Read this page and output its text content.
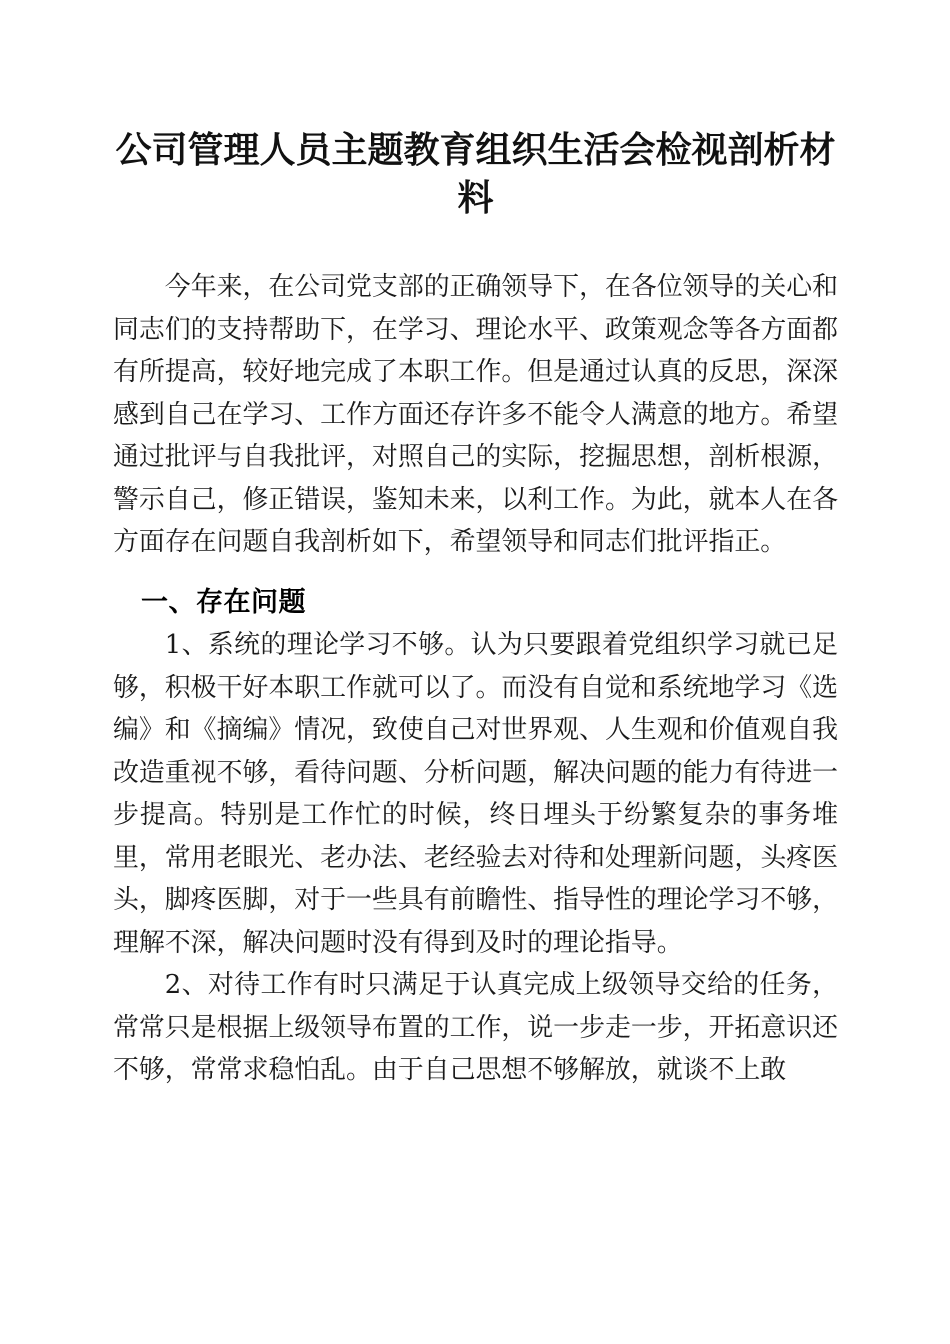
公司管理人员主题教育组织生活会检视剖析材料

今年来，在公司党支部的正确领导下，在各位领导的关心和同志们的支持帮助下，在学习、理论水平、政策观念等各方面都有所提高，较好地完成了本职工作。但是通过认真的反思，深深感到自己在学习、工作方面还存许多不能令人满意的地方。希望通过批评与自我批评，对照自己的实际，挖掘思想，剖析根源，警示自己，修正错误，鉴知未来，以利工作。为此，就本人在各方面存在问题自我剖析如下，希望领导和同志们批评指正。

一、存在问题

1、系统的理论学习不够。认为只要跟着党组织学习就已足够，积极干好本职工作就可以了。而没有自觉和系统地学习《选编》和《摘编》情况，致使自己对世界观、人生观和价值观自我改造重视不够，看待问题、分析问题，解决问题的能力有待进一步提高。特别是工作忙的时候，终日埋头于纷繁复杂的事务堆里，常用老眼光、老办法、老经验去对待和处理新问题，头疼医头，脚疼医脚，对于一些具有前瞻性、指导性的理论学习不够，理解不深，解决问题时没有得到及时的理论指导。

2、对待工作有时只满足于认真完成上级领导交给的任务，常常只是根据上级领导布置的工作，说一步走一步，开拓意识还不够，常常求稳怕乱。由于自己思想不够解放，就谈不上敢
